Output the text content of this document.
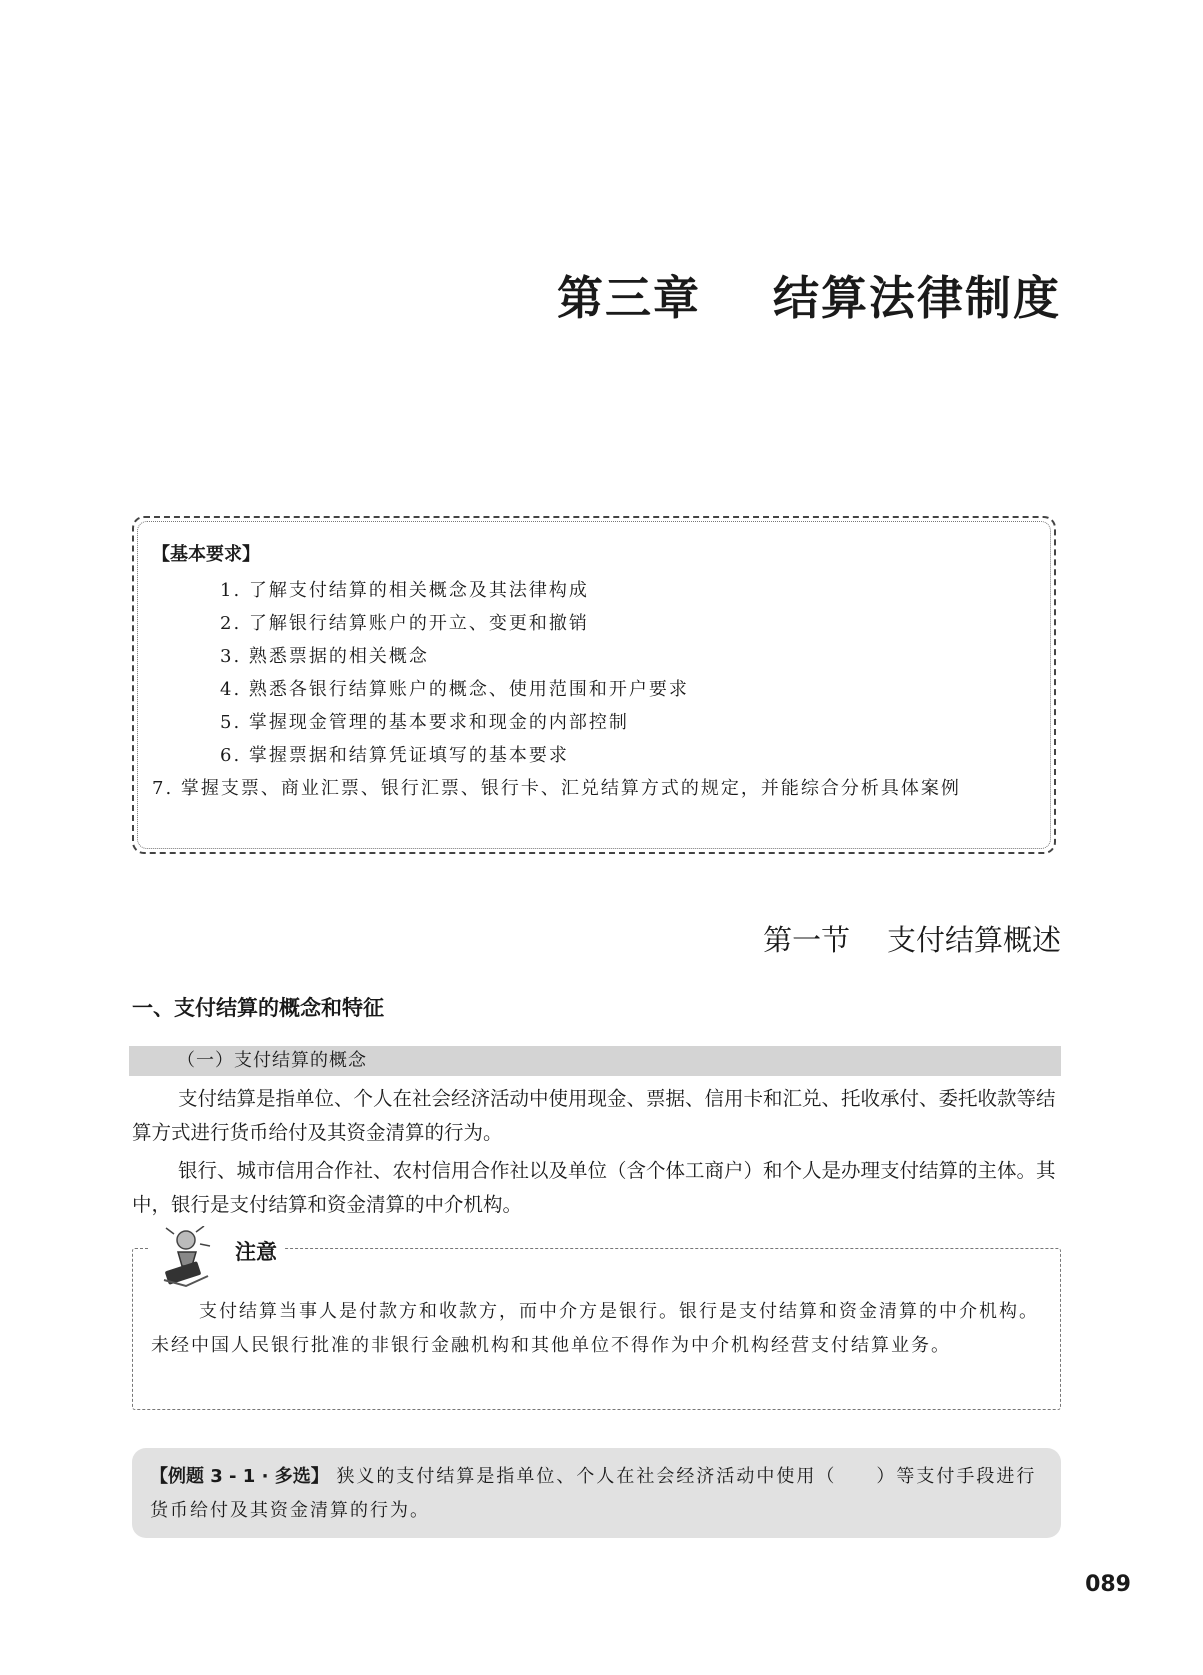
第三章    结算法律制度
【基本要求】
1. 了解支付结算的相关概念及其法律构成
2. 了解银行结算账户的开立、变更和撤销
3. 熟悉票据的相关概念
4. 熟悉各银行结算账户的概念、使用范围和开户要求
5. 掌握现金管理的基本要求和现金的内部控制
6. 掌握票据和结算凭证填写的基本要求
7. 掌握支票、商业汇票、银行汇票、银行卡、汇兑结算方式的规定，并能综合分析具体案例
第一节    支付结算概述
一、支付结算的概念和特征
（一）支付结算的概念

支付结算是指单位、个人在社会经济活动中使用现金、票据、信用卡和汇兑、托收承付、委托收款等结算方式进行货币给付及其资金清算的行为。

银行、城市信用合作社、农村信用合作社以及单位（含个体工商户）和个人是办理支付结算的主体。其中，银行是支付结算和资金清算的中介机构。

支付结算当事人是付款方和收款方，而中介方是银行。银行是支付结算和资金清算的中介机构。未经中国人民银行批准的非银行金融机构和其他单位不得作为中介机构经营支付结算业务。

注意

【例题 3 - 1 · 多选】 狭义的支付结算是指单位、个人在社会经济活动中使用（　　）等支付手段进行货币给付及其资金清算的行为。

089
